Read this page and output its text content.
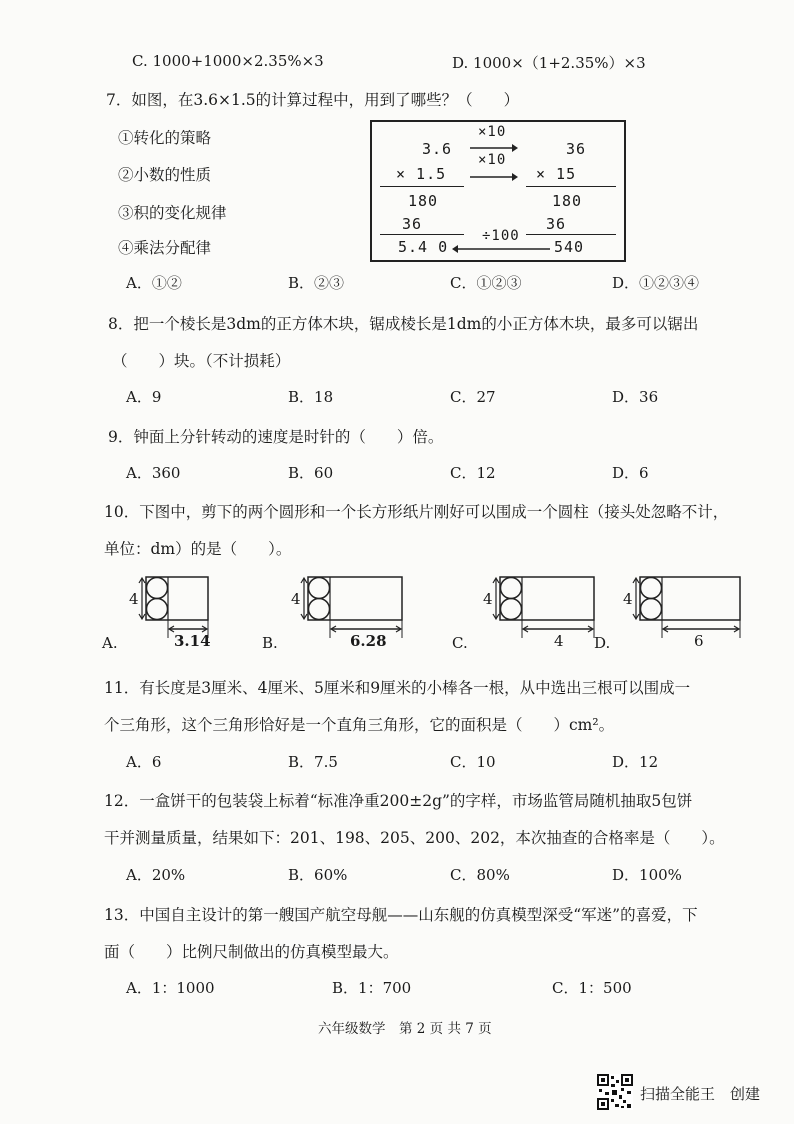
C. 1000+1000×2.35%×3	D. 1000×（1+2.35%）×3
7．如图，在3.6×1.5的计算过程中，用到了哪些？（　　）
①转化的策略
②小数的性质
③积的变化规律
④乘法分配律
3.6
× 1.5
180
36
5.4 0
×10
×10
36
× 15
180
36
540
÷100
A．①②	B．②③	C．①②③	D．①②③④
8．把一个棱长是3dm的正方体木块，锯成棱长是1dm的小正方体木块，最多可以锯出
（　　）块。（不计损耗）
A．9	B．18	C．27	D．36
9．钟面上分针转动的速度是时针的（　　）倍。
A．360	B．60	C．12	D．6
10．下图中，剪下的两个圆形和一个长方形纸片刚好可以围成一个圆柱（接头处忽略不计，
单位：dm）的是（　　）。
4
3.14
A.
4
6.28
B.
4
4
C.
4
6
D.
11．有长度是3厘米、4厘米、5厘米和9厘米的小棒各一根，从中选出三根可以围成一
个三角形，这个三角形恰好是一个直角三角形，它的面积是（　　）cm²。
A．6	B．7.5	C．10	D．12
12．一盒饼干的包装袋上标着“标准净重200±2g”的字样，市场监管局随机抽取5包饼
干并测量质量，结果如下：201、198、205、200、202，本次抽查的合格率是（　　）。
A．20%	B．60%	C．80%	D．100%
13．中国自主设计的第一艘国产航空母舰——山东舰的仿真模型深受“军迷”的喜爱，下
面（　　）比例尺制做出的仿真模型最大。
A．1：1000	B．1：700	C．1：500
六年级数学　第 2 页 共 7 页
扫描全能王　创建
